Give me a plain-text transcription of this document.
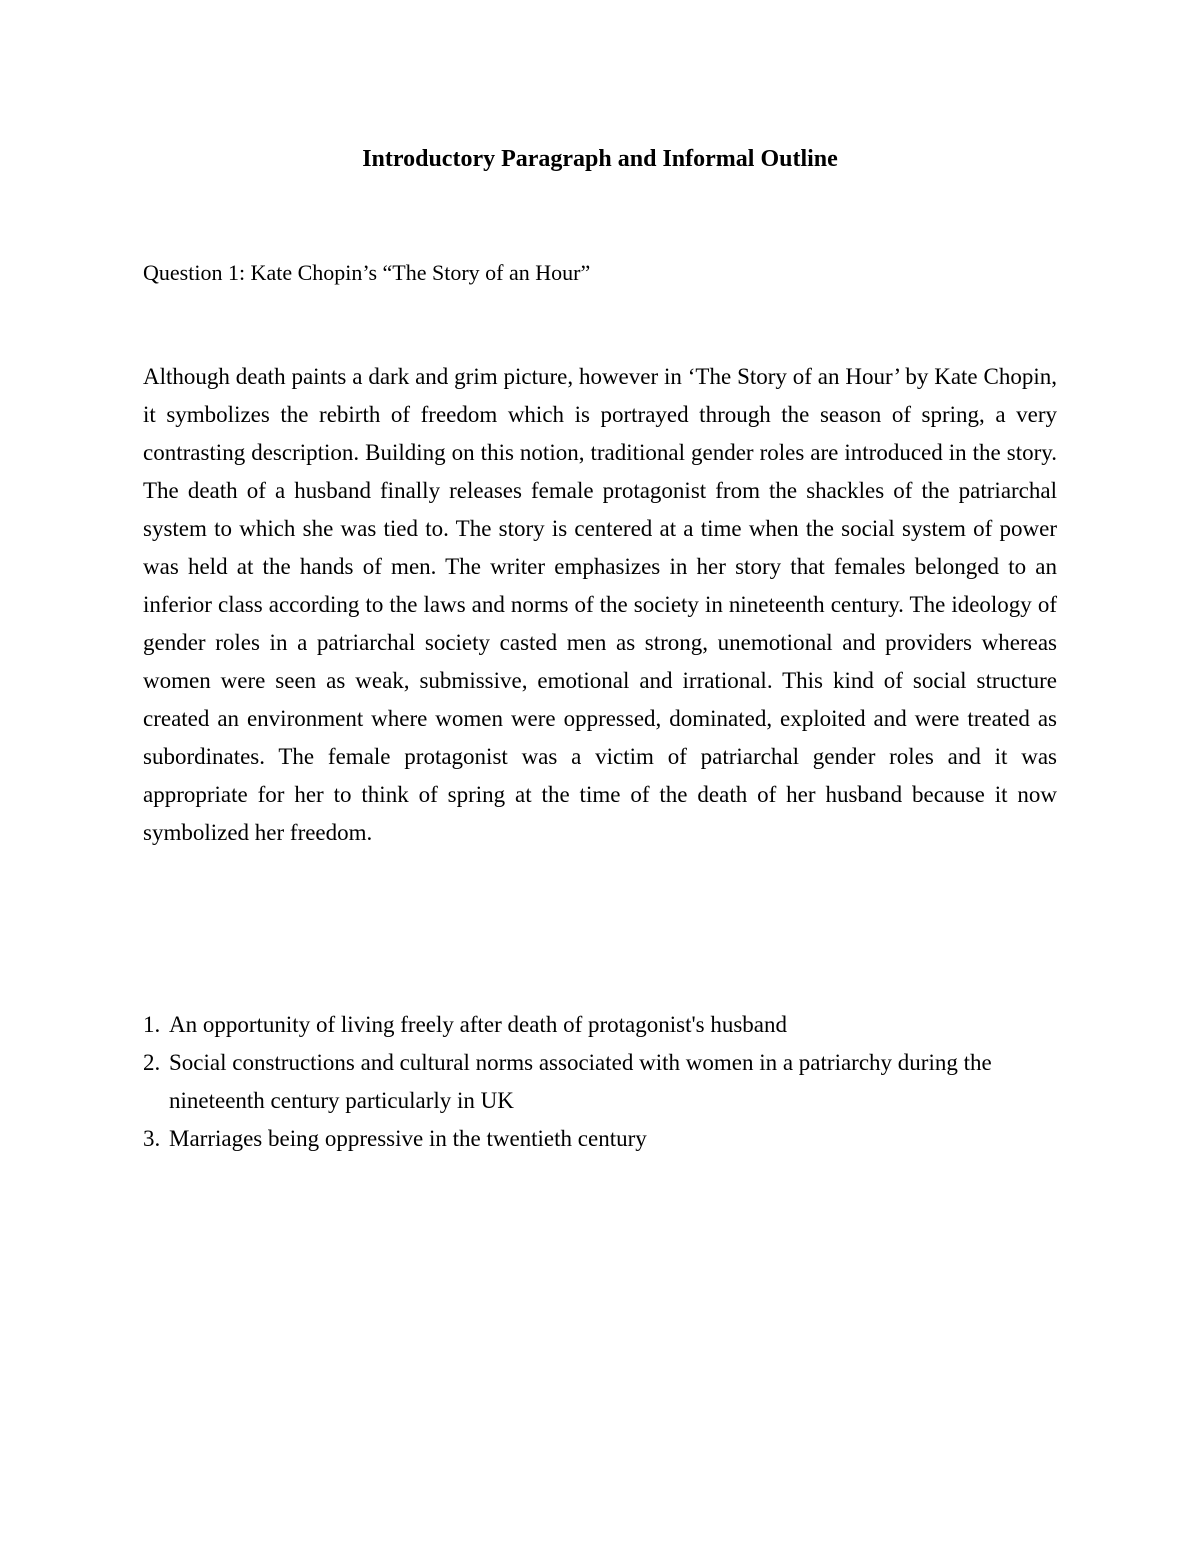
Introductory Paragraph and Informal Outline

Question 1: Kate Chopin’s “The Story of an Hour”

Although death paints a dark and grim picture, however in ‘The Story of an Hour’ by Kate Chopin, it symbolizes the rebirth of freedom which is portrayed through the season of spring, a very contrasting description. Building on this notion, traditional gender roles are introduced in the story. The death of a husband finally releases female protagonist from the shackles of the patriarchal system to which she was tied to. The story is centered at a time when the social system of power was held at the hands of men. The writer emphasizes in her story that females belonged to an inferior class according to the laws and norms of the society in nineteenth century. The ideology of gender roles in a patriarchal society casted men as strong, unemotional and providers whereas women were seen as weak, submissive, emotional and irrational. This kind of social structure created an environment where women were oppressed, dominated, exploited and were treated as subordinates. The female protagonist was a victim of patriarchal gender roles and it was appropriate for her to think of spring at the time of the death of her husband because it now symbolized her freedom.

1. An opportunity of living freely after death of protagonist's husband
2. Social constructions and cultural norms associated with women in a patriarchy during the nineteenth century particularly in UK
3. Marriages being oppressive in the twentieth century
